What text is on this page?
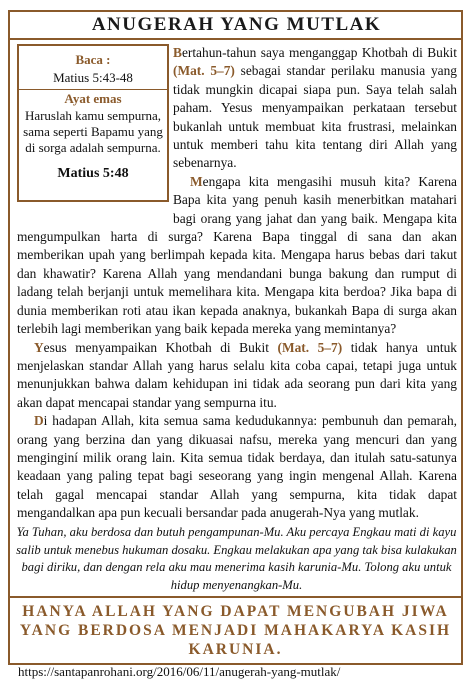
ANUGERAH YANG MUTLAK

Bertahun-tahun saya menganggap Khotbah di Bukit (Mat. 5–7) sebagai standar perilaku manusia yang tidak mungkin dicapai siapa pun. Saya telah salah paham. Yesus menyampaikan perkataan tersebut bukanlah untuk membuat kita frustrasi, melainkan untuk memberi tahu kita tentang diri Allah yang sebenarnya.

Mengapa kita mengasihi musuh kita? Karena Bapa kita yang penuh kasih menerbitkan matahari bagi orang yang jahat dan yang baik. Mengapa kita mengumpulkan harta di surga? Karena Bapa tinggal di sana dan akan memberikan upah yang berlimpah kepada kita. Mengapa harus bebas dari takut dan khawatir? Karena Allah yang mendandani bunga bakung dan rumput di ladang telah berjanji untuk memelihara kita. Mengapa kita berdoa? Jika bapa di dunia memberikan roti atau ikan kepada anaknya, bukankah Bapa di surga akan terlebih lagi memberikan yang baik kepada mereka yang memintanya?

Yesus menyampaikan Khotbah di Bukit (Mat. 5–7) tidak hanya untuk menjelaskan standar Allah yang harus selalu kita coba capai, tetapi juga untuk menunjukkan bahwa dalam kehidupan ini tidak ada seorang pun dari kita yang akan dapat mencapai standar yang sempurna itu.

Di hadapan Allah, kita semua sama kedudukannya: pembunuh dan pemarah, orang yang berzina dan yang dikuasai nafsu, mereka yang mencuri dan yang menginginí milik orang lain. Kita semua tidak berdaya, dan itulah satu-satunya keadaan yang paling tepat bagi seseorang yang ingin mengenal Allah. Karena telah gagal mencapai standar Allah yang sempurna, kita tidak dapat mengandalkan apa pun kecuali bersandar pada anugerah-Nya yang mutlak.

Baca :
Matius 5:43-48
Ayat emas
Haruslah kamu sempurna, sama seperti Bapamu yang di sorga adalah sempurna.
Matius 5:48
Ya Tuhan, aku berdosa dan butuh pengampunan-Mu. Aku percaya Engkau mati di kayu salib untuk menebus hukuman dosaku. Engkau melakukan apa yang tak bisa kulakukan bagi diriku, dan dengan rela aku mau menerima kasih karunia-Mu. Tolong aku untuk hidup menyenangkan-Mu.
HANYA ALLAH YANG DAPAT MENGUBAH JIWA YANG BERDOSA MENJADI MAHAKARYA KASIH KARUNIA.
https://santapanrohani.org/2016/06/11/anugerah-yang-mutlak/
